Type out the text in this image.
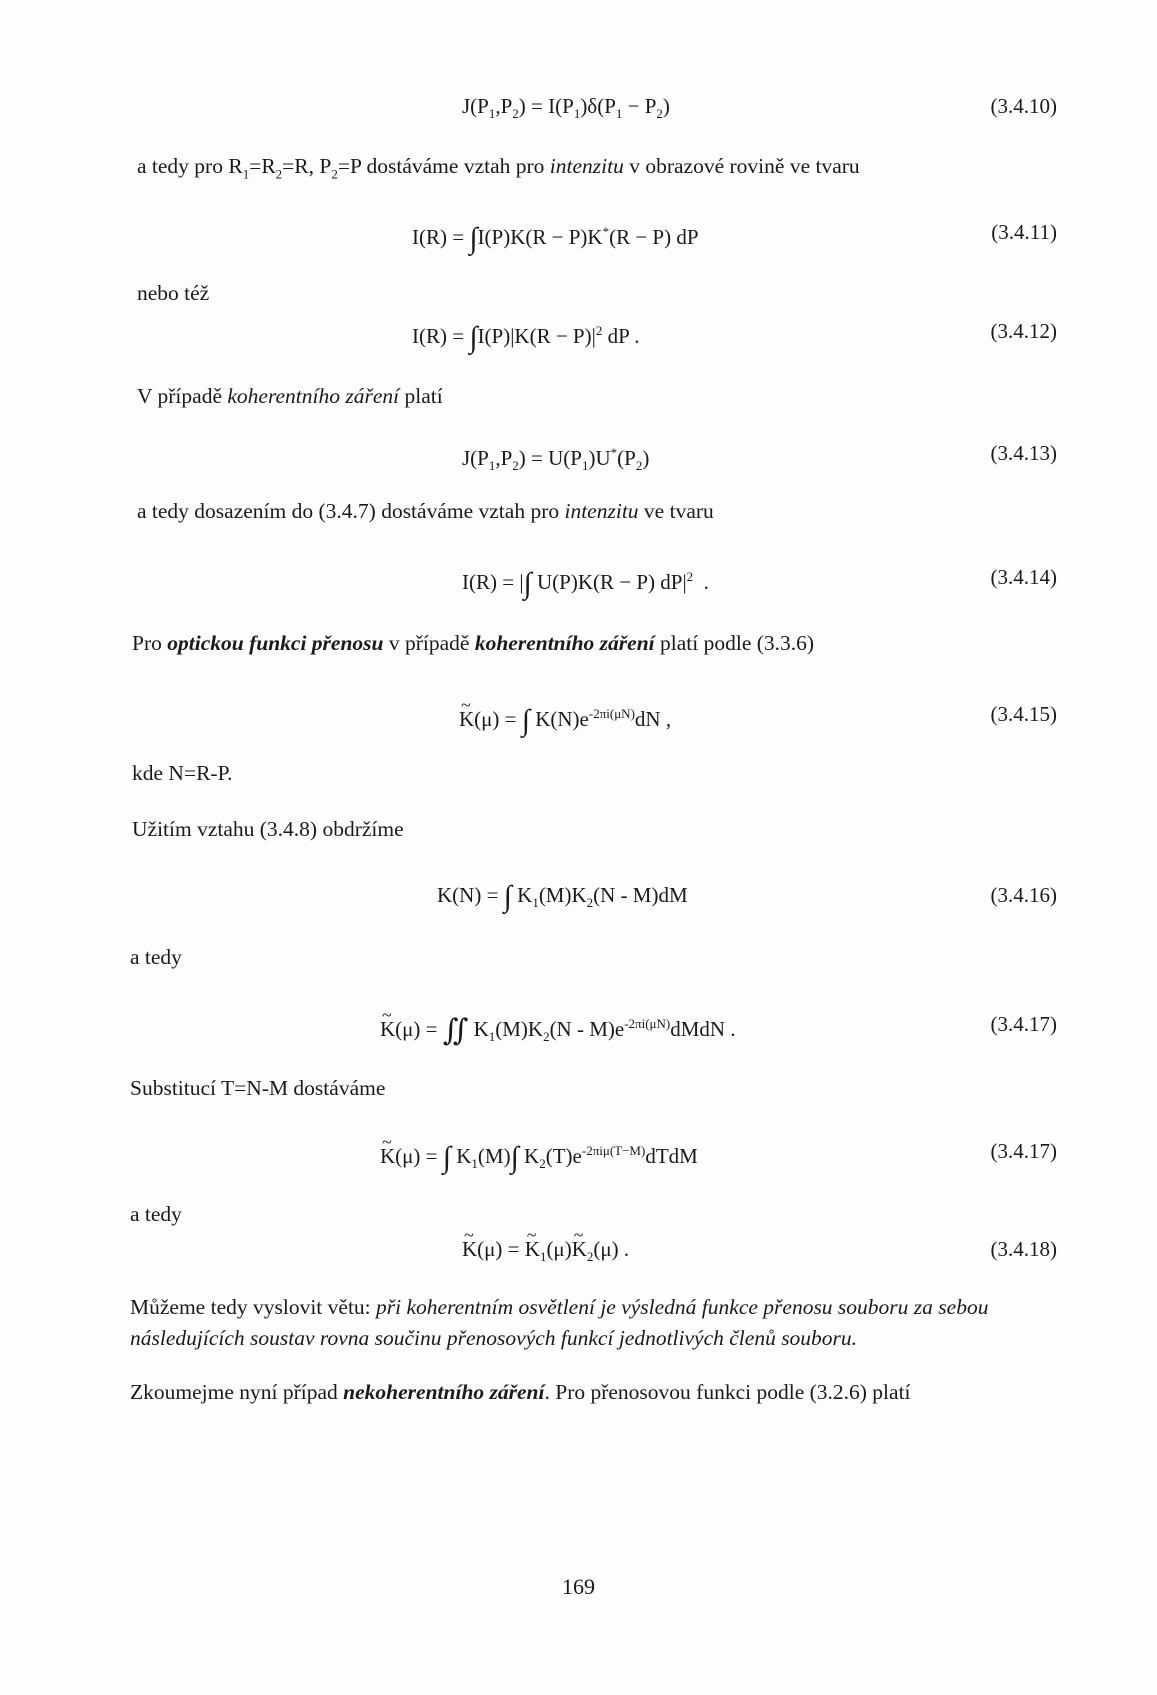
$J(P_1,P_2) = I(P_1)\delta(P_1 - P_2)$	(3.4.10)
a tedy pro $R_1=R_2=R$, $P_2=P$ dostáváme vztah pro intenzitu v obrazové rovině ve tvaru
I(R) = ∫I(P)K(R − P)K*(R − P) dP	(3.4.11)
nebo též
$I(R) = \int I(P)|K(R - P)|^2$ dP .	(3.4.12)
V případě koherentního záření platí
$J(P_1,P_2) = U(P_1)U^*(P_2)$	(3.4.13)
a tedy dosazením do (3.4.7) dostáváme vztah pro intenzitu ve tvaru
I(R) = |∫ U(P)K(R − P) $dP|^2$  .	(3.4.14)
Pro optickou funkci přenosu v případě koherentního záření platí podle (3.3.6)
~ K(μ) = ∫ $K(N)e^{-2\pi i(\mu N)}dN$ ,	(3.4.15)
kde N=R-P.
Užitím vztahu (3.4.8) obdržíme
K(N) = ∫ $K_1(M)K_2(N - M)dM$	(3.4.16)
a tedy
~ K(μ) = ∬ $K_1(M)K_2(N$ - $M)e^{-2\pi i(\mu N)}dMdN$ .	(3.4.17)
Substitucí T=N-M dostáváme
~ K(μ) = ∫ $K_1(M)\int$ $K_2(T)e^{-2\pi i\mu(T-M)}dTdM$	(3.4.17)
a tedy
~ K(μ) = ~ $K_1(\mu)\sim$ $K_2(\mu)$ .	(3.4.18)
Můžeme tedy vyslovit větu: při koherentním osvětlení je výsledná funkce přenosu souboru za sebou následujících soustav rovna součinu přenosových funkcí jednotlivých členů souboru.
Zkoumejme nyní případ nekoherentního záření. Pro přenosovou funkci podle (3.2.6) platí
169
